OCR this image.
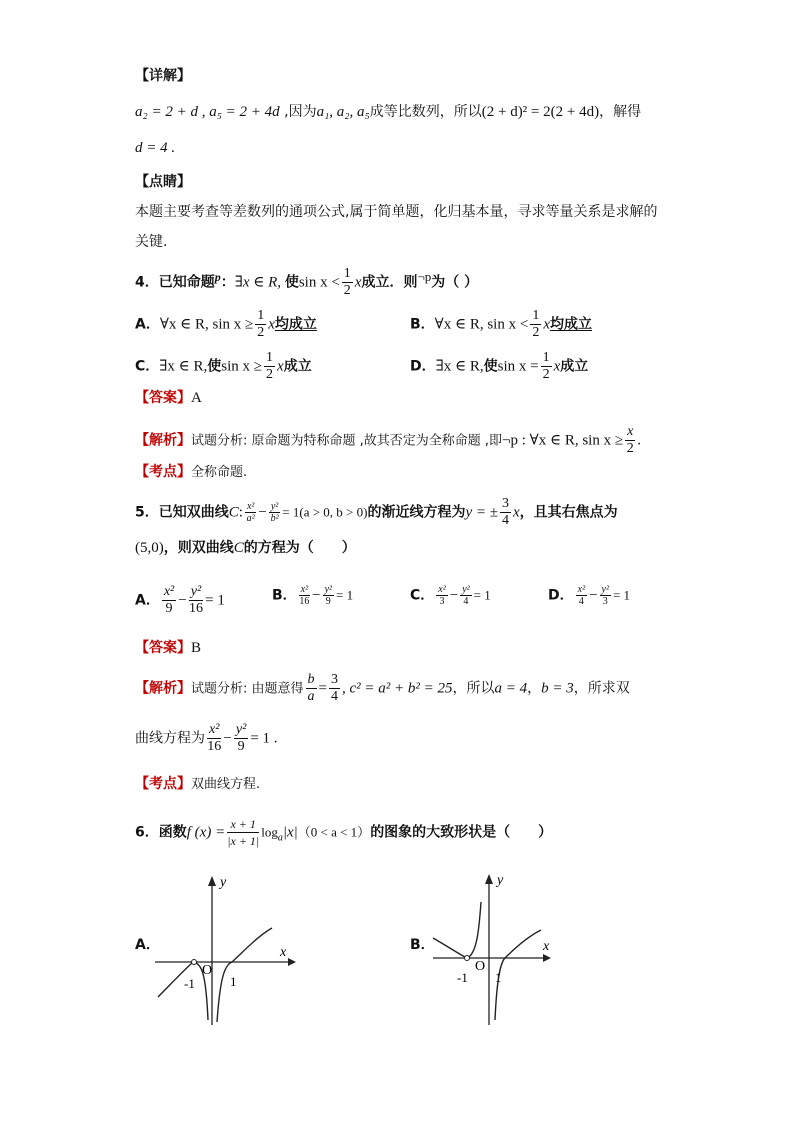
【详解】
a₂ = 2 + d , a₅ = 2 + 4d ,因为a₁, a₂, a₅成等比数列，所以(2 + d)² = 2(2 + 4d)，解得
d = 4 .
【点睛】
本题主要考查等差数列的通项公式,属于简单题，化归基本量，寻求等量关系是求解的
关键.
4．已知命题p：∃x ∈ R, 使$\sin x < \frac{1}{2}$ x成立．则¬p为（ ）
A．∀x ∈ R, $\sin x \ge \frac{1}{2}$ x均成立	B．∀x ∈ R, $\sin x < \frac{1}{2}$ x均成立
C．∃x ∈ R,使$\sin x \ge \frac{1}{2}$ x成立	D．∃x ∈ R,使$\sin x = \frac{1}{2}$ x成立
【答案】A
【解析】试题分析: 原命题为特称命题 ,故其否定为全称命题 ,即¬p : ∀x ∈ R, $\sin x \ge \frac{x}{2}$ .
【考点】全称命题.
5．已知双曲线C: $\frac{\text{x²}}{\text{a²}} - \frac{\text{y²}}{\text{b²}} = 1(a > 0$, b > 0)的渐近线方程为y = ± $\frac{3}{4}$ x，且其右焦点为
(5,0)，则双曲线C的方程为（　　）
A． $\frac{\text{x²}}{9} - \frac{\text{y²}}{16} = 1$	B． $\frac{\text{x²}}{16} - \frac{\text{y²}}{9} = 1$	C． $\frac{\text{x²}}{3} - \frac{\text{y²}}{4} = 1$	D． $\frac{\text{x²}}{4} - \frac{\text{y²}}{3} = 1$
【答案】B
【解析】试题分析: 由题意得 $\frac{b}{a} = \frac{3}{4}$ , c² = a² + b² = 25，所以a = 4，b = 3，所求双
曲线方程为 $\frac{\text{x²}}{16} - \frac{\text{y²}}{9} = 1$ .
【考点】双曲线方程.
6．函数f $(x) = \frac{x + 1}{|x + 1|} \log_a|x|(0 < a < 1)$的图象的大致形状是（　　）
A．
y
x
O
-1	1
B．
y
x
O
-1 1
